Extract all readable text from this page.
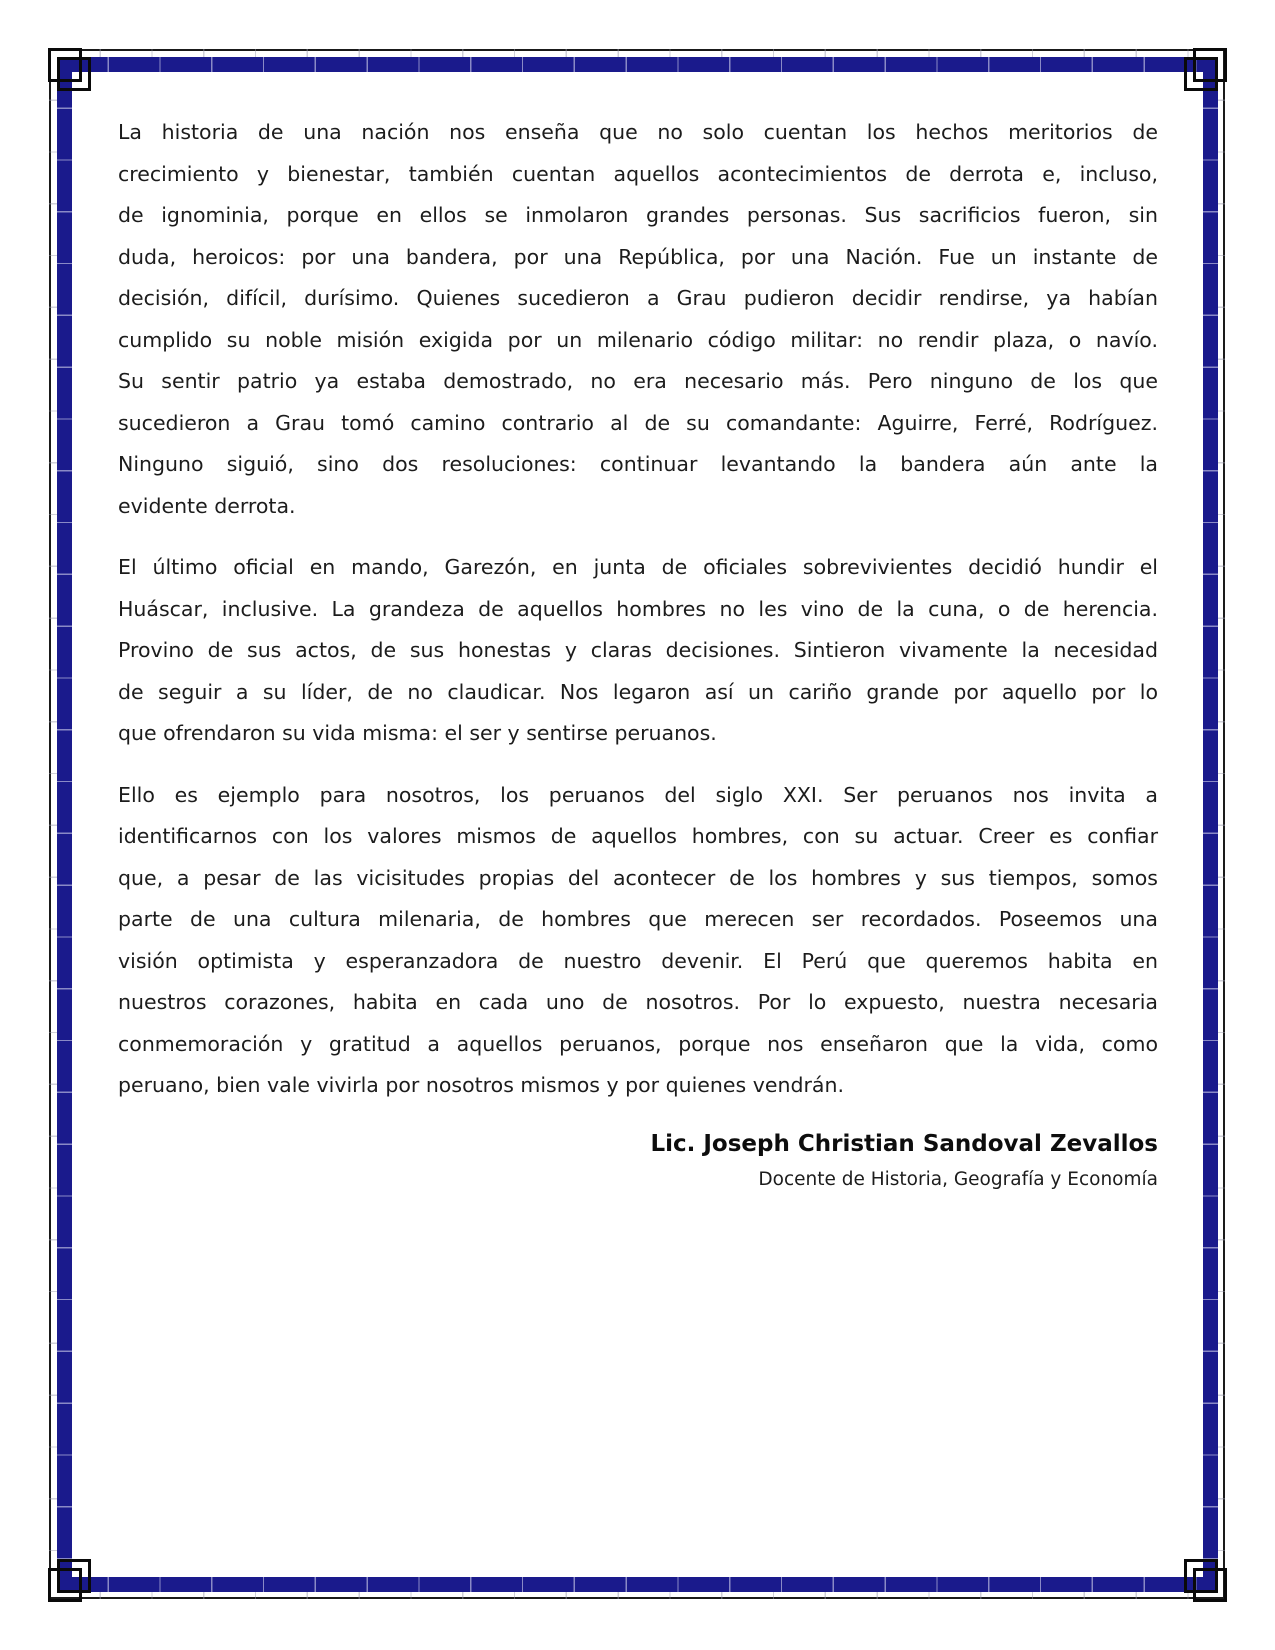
La historia de una nación nos enseña que no solo cuentan los hechos meritorios de
crecimiento y bienestar, también cuentan aquellos acontecimientos de derrota e, incluso,
de ignominia, porque en ellos se inmolaron grandes personas. Sus sacrificios fueron, sin
duda, heroicos: por una bandera, por una República, por una Nación. Fue un instante de
decisión, difícil, durísimo. Quienes sucedieron a Grau pudieron decidir rendirse, ya habían
cumplido su noble misión exigida por un milenario código militar: no rendir plaza, o navío.
Su sentir patrio ya estaba demostrado, no era necesario más. Pero ninguno de los que
sucedieron a Grau tomó camino contrario al de su comandante: Aguirre, Ferré, Rodríguez.
Ninguno siguió, sino dos resoluciones: continuar levantando la bandera aún ante la
evidente derrota.
El último oficial en mando, Garezón, en junta de oficiales sobrevivientes decidió hundir el
Huáscar, inclusive. La grandeza de aquellos hombres no les vino de la cuna, o de herencia.
Provino de sus actos, de sus honestas y claras decisiones. Sintieron vivamente la necesidad
de seguir a su líder, de no claudicar. Nos legaron así un cariño grande por aquello por lo
que ofrendaron su vida misma: el ser y sentirse peruanos.
Ello es ejemplo para nosotros, los peruanos del siglo XXI. Ser peruanos nos invita a
identificarnos con los valores mismos de aquellos hombres, con su actuar. Creer es confiar
que, a pesar de las vicisitudes propias del acontecer de los hombres y sus tiempos, somos
parte de una cultura milenaria, de hombres que merecen ser recordados. Poseemos una
visión optimista y esperanzadora de nuestro devenir. El Perú que queremos habita en
nuestros corazones, habita en cada uno de nosotros. Por lo expuesto, nuestra necesaria
conmemoración y gratitud a aquellos peruanos, porque nos enseñaron que la vida, como
peruano, bien vale vivirla por nosotros mismos y por quienes vendrán.
Lic. Joseph Christian Sandoval Zevallos
Docente de Historia, Geografía y Economía
